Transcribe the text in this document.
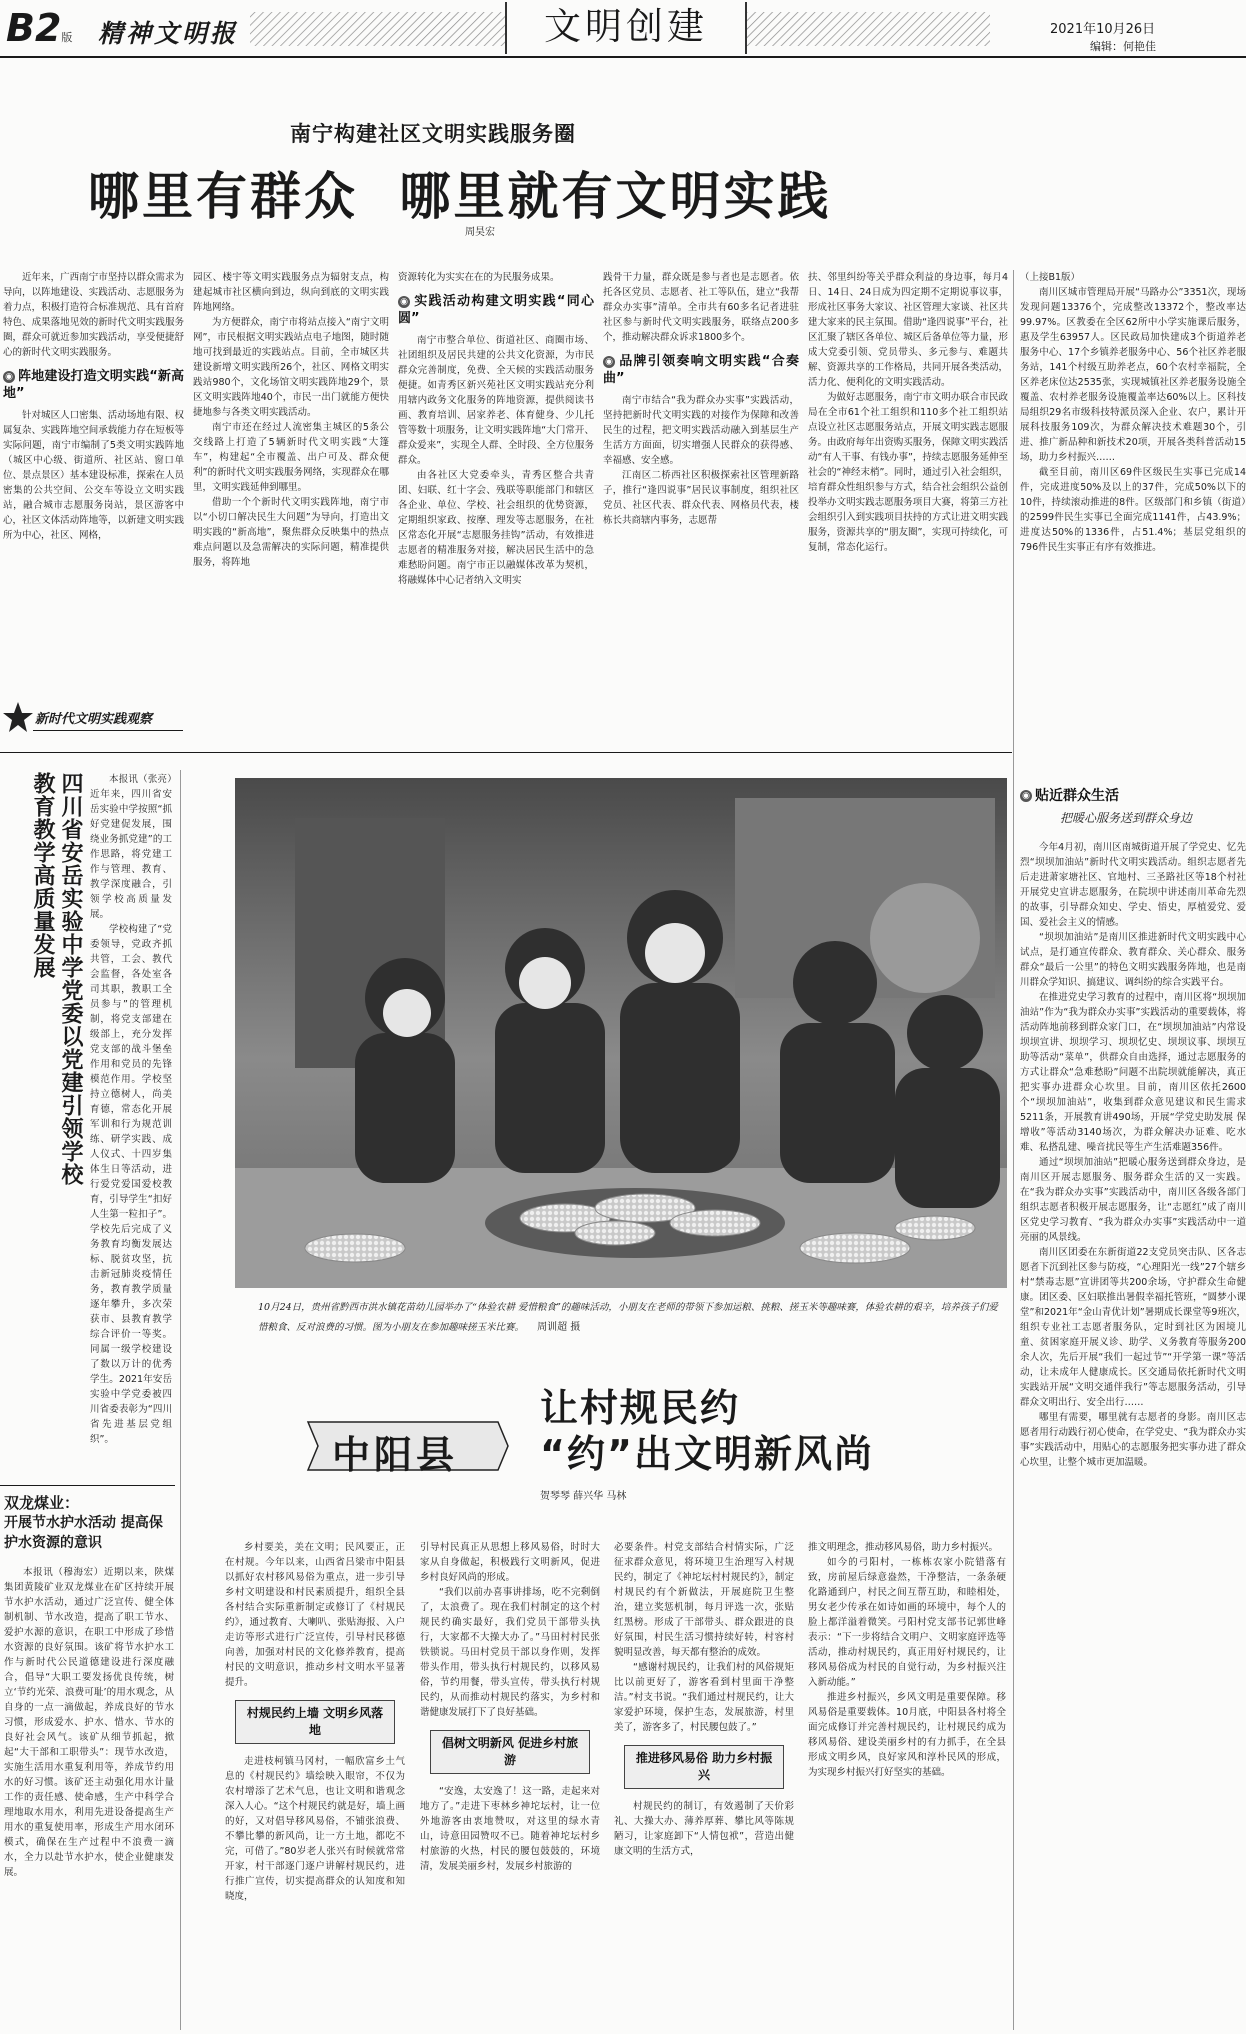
B2版 精神文明报	文明创建	2021年10月26日
编辑：何艳佳
南宁构建社区文明实践服务圈
哪里有群众  哪里就有文明实践
周昊宏
近年来，广西南宁市坚持以群众需求为导向，以阵地建设、实践活动、志愿服务为着力点，积极打造符合标准规范、具有首府特色、成果落地见效的新时代文明实践服务圈，群众可就近参加实践活动，享受便捷舒心的新时代文明实践服务。
◉ 阵地建设打造文明实践“新高地”
针对城区人口密集、活动场地有限、权属复杂、实践阵地空间承载能力存在短板等实际问题，南宁市编制了5类文明实践阵地（城区中心级、街道所、社区站、窗口单位、景点景区）基本建设标准，探索在人员密集的公共空间、公交车等设立文明实践站，融合城市志愿服务岗站，景区游客中心，社区文体活动阵地等，以新建文明实践所为中心，社区、网格，
园区、楼宇等文明实践服务点为辐射支点，构建起城市社区横向到边，纵向到底的文明实践阵地网络。
为方便群众，南宁市将站点接入“南宁文明网”，市民根据文明实践站点电子地图，随时随地可找到最近的实践站点。目前，全市城区共建设新增文明实践所26个，社区、网格文明实践站980个，文化场馆文明实践阵地29个，景区文明实践阵地40个，市民一出门就能方便快捷地参与各类文明实践活动。
南宁市还在经过人流密集主城区的5条公交线路上打造了5辆新时代文明实践“大篷车”，构建起“全市覆盖、出户可及、群众便利”的新时代文明实践服务网络，实现群众在哪里，文明实践延伸到哪里。
借助一个个新时代文明实践阵地，南宁市以“小切口解决民生大问题”为导向，打造出文明实践的“新高地”，聚焦群众反映集中的热点难点问题以及急需解决的实际问题，精准提供服务，将阵地
资源转化为实实在在的为民服务成果。
◉ 实践活动构建文明实践“同心圆”
南宁市整合单位、街道社区、商圈市场、社团组织及居民共建的公共文化资源，为市民群众完善制度，免费、全天候的实践活动服务便捷。如青秀区新兴苑社区文明实践站充分利用辖内政务文化服务的阵地资源，提供阅读书画、教育培训、居家养老、体育健身、少儿托管等数十项服务，让文明实践阵地“大门常开、群众爱来”，实现全人群、全时段、全方位服务群众。
由各社区大党委牵头，青秀区整合共青团、妇联、红十字会、残联等职能部门和辖区各企业、单位、学校、社会组织的优势资源，定期组织家政、按摩、理发等志愿服务，在社区常态化开展“志愿服务挂钩”活动，有效推进志愿者的精准服务对接，解决居民生活中的急难愁盼问题。南宁市正以融媒体改革为契机，将融媒体中心记者纳入文明实
践骨干力量，群众既是参与者也是志愿者。依托各区党员、志愿者、社工等队伍，建立“我帮群众办实事”清单。全市共有60多名记者进驻社区参与新时代文明实践服务，联络点200多个，推动解决群众诉求1800多个。
◉ 品牌引领奏响文明实践“合奏曲”
南宁市结合“我为群众办实事”实践活动，坚持把新时代文明实践的对接作为保障和改善民生的过程，把文明实践活动融入到基层生产生活方方面面，切实增强人民群众的获得感、幸福感、安全感。
江南区二桥西社区积极探索社区管理新路子，推行“逢四说事”居民议事制度，组织社区党员、社区代表、群众代表、网格员代表，楼栋长共商辖内事务，志愿帮
扶、邻里纠纷等关乎群众利益的身边事，每月4日、14日、24日成为四定期不定期说事议事，形成社区事务大家议、社区管理大家谈、社区共建大家来的民主氛围。借助“逢四说事”平台，社区汇聚了辖区各单位、城区后备单位等力量，形成大党委引领、党员带头、多元参与、难题共解、资源共享的工作格局，共同开展各类活动，活力化、便利化的文明实践活动。
为做好志愿服务，南宁市文明办联合市民政局在全市61个社工组织和110多个社工组织站点设立社区志愿服务站点，开展文明实践志愿服务。由政府每年出资购买服务，保障文明实践活动“有人干事、有钱办事”，持续志愿服务延伸至社会的“神经末梢”。同时，通过引入社会组织，培育群众性组织参与方式，结合社会组织公益创投举办文明实践志愿服务项目大赛，将第三方社会组织引入到实践项目扶持的方式让进文明实践服务，资源共享的“朋友圈”，实现可持续化，可复制，常态化运行。
新时代文明实践观察
（上接B1版）
南川区城市管理局开展“马路办公”3351次，现场发现问题13376个，完成整改13372个，整改率达99.97%。区教委在全区62所中小学实施课后服务，惠及学生63957人。区民政局加快建成3个街道养老服务中心、17个乡镇养老服务中心、56个社区养老服务站，141个村级互助养老点，60个农村幸福院，全区养老床位达2535张，实现城镇社区养老服务设施全覆盖、农村养老服务设施覆盖率达60%以上。区科技局组织29名市级科技特派员深入企业、农户，累计开展科技服务109次，为群众解决技术难题30个，引进、推广新品种和新技术20项，开展各类科普活动15场，助力乡村振兴……
截至目前，南川区69件区级民生实事已完成14件，完成进度50%及以上的37件，完成50%以下的10件，持续滚动推进的8件。区级部门和乡镇（街道）的2599件民生实事已全面完成1141件，占43.9%；进度达50%的1336件，占51.4%；基层党组织的796件民生实事正有序有效推进。
◉ 贴近群众生活
把暖心服务送到群众身边
今年4月初，南川区南城街道开展了学党史、忆先烈“坝坝加油站”新时代文明实践活动。组织志愿者先后走进萧家塘社区、官地村、三圣路社区等18个村社开展党史宣讲志愿服务，在院坝中讲述南川革命先烈的故事，引导群众知史、学史、悟史，厚植爱党、爱国、爱社会主义的情感。
“坝坝加油站”是南川区推进新时代文明实践中心试点，是打通宣传群众、教育群众、关心群众、服务群众“最后一公里”的特色文明实践服务阵地，也是南川群众学知识、搞建议、调纠纷的综合实践平台。
在推进党史学习教育的过程中，南川区将“坝坝加油站”作为“我为群众办实事”实践活动的重要载体，将活动阵地前移到群众家门口，在“坝坝加油站”内常设坝坝宣讲、坝坝学习、坝坝忆史、坝坝议事、坝坝互助等活动“菜单”，供群众自由选择，通过志愿服务的方式让群众“急难愁盼”问题不出院坝就能解决，真正把实事办进群众心坎里。目前，南川区依托2600个“坝坝加油站”，收集到群众意见建议和民生需求5211条，开展教育讲490场，开展“学党史助发展 保增收”等活动3140场次，为群众解决办证难、吃水难、私搭乱建、噪音扰民等生产生活难题356件。
通过“坝坝加油站”把暖心服务送到群众身边，是南川区开展志愿服务、服务群众生活的又一实践。在“我为群众办实事”实践活动中，南川区各级各部门组织志愿者积极开展志愿服务，让“志愿红”成了南川区党史学习教育、“我为群众办实事”实践活动中一道亮丽的风景线。
南川区团委在东新街道22支党员突击队、区各志愿者下沉到社区参与防疫，“心理阳光一线”27个辖乡村“禁毒志愿”宣讲团等共200余场，守护群众生命健康。团区委、区妇联推出暑假幸福托管班，“圆梦小课堂”和2021年“金山青优计划”暑期成长课堂等9班次，组织专业社工志愿者服务队，定时到社区为困境儿童、贫困家庭开展义诊、助学、义务教育等服务200余人次，先后开展“我们一起过节”“开学第一课”等活动，让未成年人健康成长。区交通局依托新时代文明实践站开展“文明交通伴我行”等志愿服务活动，引导群众文明出行、安全出行……
哪里有需要，哪里就有志愿者的身影。南川区志愿者用行动践行初心使命，在学党史、“我为群众办实事”实践活动中，用贴心的志愿服务把实事办进了群众心坎里，让整个城市更加温暖。
四川省安岳实验中学党委以党建引领学校教育教学高质量发展	本报讯（张亮）近年来，四川省安岳实验中学按照“抓好党建促发展，围绕业务抓党建”的工作思路，将党建工作与管理、教育、教学深度融合，引领学校高质量发展。
学校构建了“党委领导，党政齐抓共管，工会、教代会监督，各处室各司其职，教职工全员参与”的管理机制，将党支部建在级部上，充分发挥党支部的战斗堡垒作用和党员的先锋模范作用。学校坚持立德树人，尚美育德，常态化开展军训和行为规范训练、研学实践、成人仪式、十四岁集体生日等活动，进行爱党爱国爱校教育，引导学生“扣好人生第一粒扣子”。学校先后完成了义务教育均衡发展达标、脱贫攻坚，抗击新冠肺炎疫情任务，教育教学质量逐年攀升，多次荣获市、县教育教学综合评价一等奖。同属一级学校建设了数以万计的优秀学生。2021年安岳实验中学党委被四川省委表彰为“四川省先进基层党组织”。
双龙煤业：
开展节水护水活动 提高保护水资源的意识
本报讯（穆海宏）近期以来，陕煤集团黄陵矿业双龙煤业在矿区持续开展节水护水活动，通过广泛宣传、健全体制机制、节水改造，提高了职工节水、爱护水源的意识，在职工中形成了珍惜水资源的良好氛围。该矿将节水护水工作与新时代公民道德建设进行深度融合，倡导“大职工要发扬优良传统，树立‘节约光荣、浪费可耻’的用水观念，从自身的一点一滴做起，养成良好的节水习惯，形成爱水、护水、惜水、节水的良好社会风气。该矿从细节抓起，掀起“大干部和工职带头”：现节水改造，实施生活用水重复利用等，养成节约用水的好习惯。该矿还主动强化用水计量工作的责任感、使命感，生产中科学合理地取水用水，利用先进设备提高生产用水的重复使用率，形成生产用水闭环模式，确保在生产过程中不浪费一滴水，全力以赴节水护水，使企业健康发展。
10月24日，贵州省黔西市洪水镇花苗幼儿园举办了“体验农耕 爱惜粮食”的趣味活动，小朋友在老师的带领下参加运粮、挑粮、搓玉米等趣味赛，体验农耕的艰辛，培养孩子们爱惜粮食、反对浪费的习惯。图为小朋友在参加趣味搓玉米比赛。 周训超 摄
中阳县
让村规民约
“约”出文明新风尚
贺琴琴 薛兴华 马林
乡村要美，美在文明；民风要正，正在村规。今年以来，山西省吕梁市中阳县以抓好农村移风易俗为重点，进一步引导乡村文明建设和村民素质提升，组织全县各村结合实际重新制定或修订了《村规民约》，通过教育、大喇叭、张贴海报、入户走访等形式进行广泛宣传，引导村民移德向善，加强对村民的文化修养教育，提高村民的文明意识，推动乡村文明水平显著提升。
村规民约上墙 文明乡风落地
走进枝柯镇马冈村，一幅欣富乡土气息的《村规民约》墙绘映入眼帘，不仅为农村增添了艺术气息，也让文明和谐观念深入人心。“这个村规民约就是好，墙上画的好，又对倡导移风易俗，不铺张浪费、不攀比攀的新风尚，让一方土地，都吃不完，可借了。”80岁老人张兴有时候就常常开家，村干部逐门逐户讲解村规民约，进行推广宣传，切实提高群众的认知度和知晓度，
引导村民真正从思想上移风易俗，时时大家从自身做起，积极践行文明新风，促进乡村良好风尚的形成。
“我们以前办喜事讲排场，吃不完剩倒了，太浪费了。现在我们村制定的这个村规民约确实最好，我们党员干部带头执行，大家都不大操大办了。”马田村村民张铁锁说。马田村党员干部以身作则，发挥带头作用，带头执行村规民约，以移风易俗，节约用餐，带头宣传，带头执行村规民约，从而推动村规民约落实，为乡村和谐健康发展打下了良好基础。
倡树文明新风 促进乡村旅游
“安逸，太安逸了！这一路，走起来对地方了。”走进下枣林乡神坨坛村，让一位外地游客由衷地赞叹，对这里的绿水青山，诗意田园赞叹不已。随着神坨坛村乡村旅游的火热，村民的腰包鼓鼓的，环境清，发展美丽乡村，发展乡村旅游的
必要条件。村党支部结合村情实际，广泛征求群众意见，将环境卫生治理写入村规民约，制定了《神坨坛村村规民约》，制定村规民约有个新做法，开展庭院卫生整治，建立奖惩机制，每月评选一次，张贴红黑榜。形成了干部带头、群众跟进的良好氛围，村民生活习惯持续好转，村容村貌明显改善，每天都有整治的成效。
“感谢村规民约，让我们村的风俗规矩比以前更好了，游客看到村里面干净整洁。”村支书说。“我们通过村规民约，让大家爱护环境，保护生态，发展旅游，村里美了，游客多了，村民腰包鼓了。”
推进移风易俗 助力乡村振兴
村规民约的制订，有效遏制了天价彩礼、大操大办、薄养厚葬、攀比风等陈规陋习，让家庭卸下“人情包袱”，营造出健康文明的生活方式，
推文明理念，推动移风易俗，助力乡村振兴。
如今的弓阳村，一栋栋农家小院错落有致，房前屋后绿意盎然，干净整洁，一条条硬化路通到户，村民之间互帮互助，和睦相处，男女老少传承在如诗如画的环境中，每个人的脸上都洋溢着微笑。弓阳村党支部书记郭世峰表示：“下一步将结合文明户、文明家庭评选等活动，推动村规民约，真正用好村规民约，让移风易俗成为村民的自觉行动，为乡村振兴注入新动能。”
推进乡村振兴，乡风文明是重要保障。移风易俗是重要载体。10月底，中阳县各村将全面完成修订并完善村规民约，让村规民约成为移风易俗、建设美丽乡村的有力抓手，在全县形成文明乡风，良好家风和淳朴民风的形成，为实现乡村振兴打好坚实的基础。
